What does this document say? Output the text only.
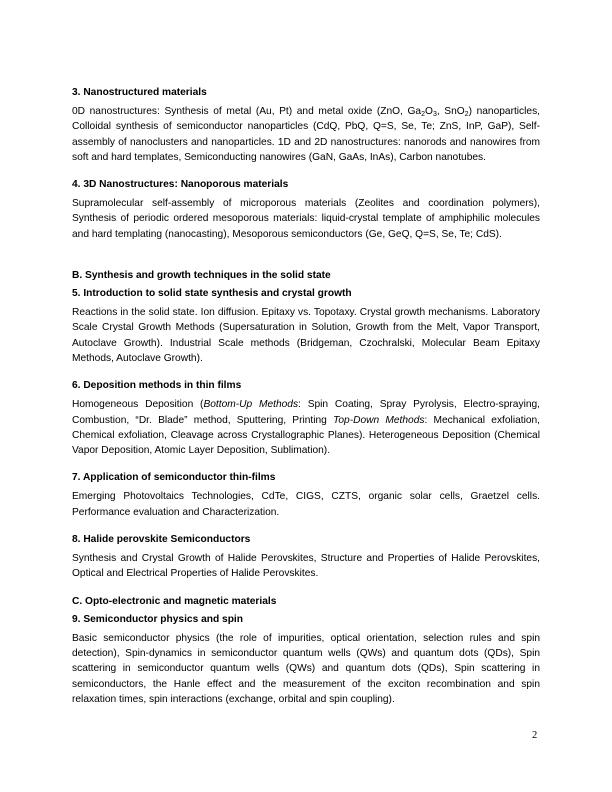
3. Nanostructured materials

0D nanostructures: Synthesis of metal (Au, Pt) and metal oxide (ZnO, $Ga_2O_3$, SnO$_2$) nanoparticles, Colloidal synthesis of semiconductor nanoparticles (CdQ, PbQ, Q=S, Se, Te; ZnS, InP, GaP), Self-assembly of nanoclusters and nanoparticles. 1D and 2D nanostructures: nanorods and nanowires from soft and hard templates, Semiconducting nanowires (GaN, GaAs, InAs), Carbon nanotubes.

4. 3D Nanostructures: Nanoporous materials

Supramolecular self-assembly of microporous materials (Zeolites and coordination polymers), Synthesis of periodic ordered mesoporous materials: liquid-crystal template of amphiphilic molecules and hard templating (nanocasting), Mesoporous semiconductors (Ge, GeQ, Q=S, Se, Te; CdS).

B. Synthesis and growth techniques in the solid state
5. Introduction to solid state synthesis and crystal growth

Reactions in the solid state. Ion diffusion. Epitaxy vs. Topotaxy. Crystal growth mechanisms. Laboratory Scale Crystal Growth Methods (Supersaturation in Solution, Growth from the Melt, Vapor Transport, Autoclave Growth). Industrial Scale methods (Bridgeman, Czochralski, Molecular Beam Epitaxy Methods, Autoclave Growth).

6. Deposition methods in thin films

Homogeneous Deposition (Bottom-Up Methods: Spin Coating, Spray Pyrolysis, Electro-spraying, Combustion, “Dr. Blade” method, Sputtering, Printing Top-Down Methods: Mechanical exfoliation, Chemical exfoliation, Cleavage across Crystallographic Planes). Heterogeneous Deposition (Chemical Vapor Deposition, Atomic Layer Deposition, Sublimation).

7. Application of semiconductor thin-films

Emerging Photovoltaics Technologies, CdTe, CIGS, CZTS, organic solar cells, Graetzel cells. Performance evaluation and Characterization.

8. Halide perovskite Semiconductors

Synthesis and Crystal Growth of Halide Perovskites, Structure and Properties of Halide Perovskites, Optical and Electrical Properties of Halide Perovskites.

C. Opto-electronic and magnetic materials
9. Semiconductor physics and spin

Basic semiconductor physics (the role of impurities, optical orientation, selection rules and spin detection), Spin-dynamics in semiconductor quantum wells (QWs) and quantum dots (QDs), Spin scattering in semiconductor quantum wells (QWs) and quantum dots (QDs), Spin scattering in semiconductors, the Hanle effect and the measurement of the exciton recombination and spin relaxation times, spin interactions (exchange, orbital and spin coupling).

2
